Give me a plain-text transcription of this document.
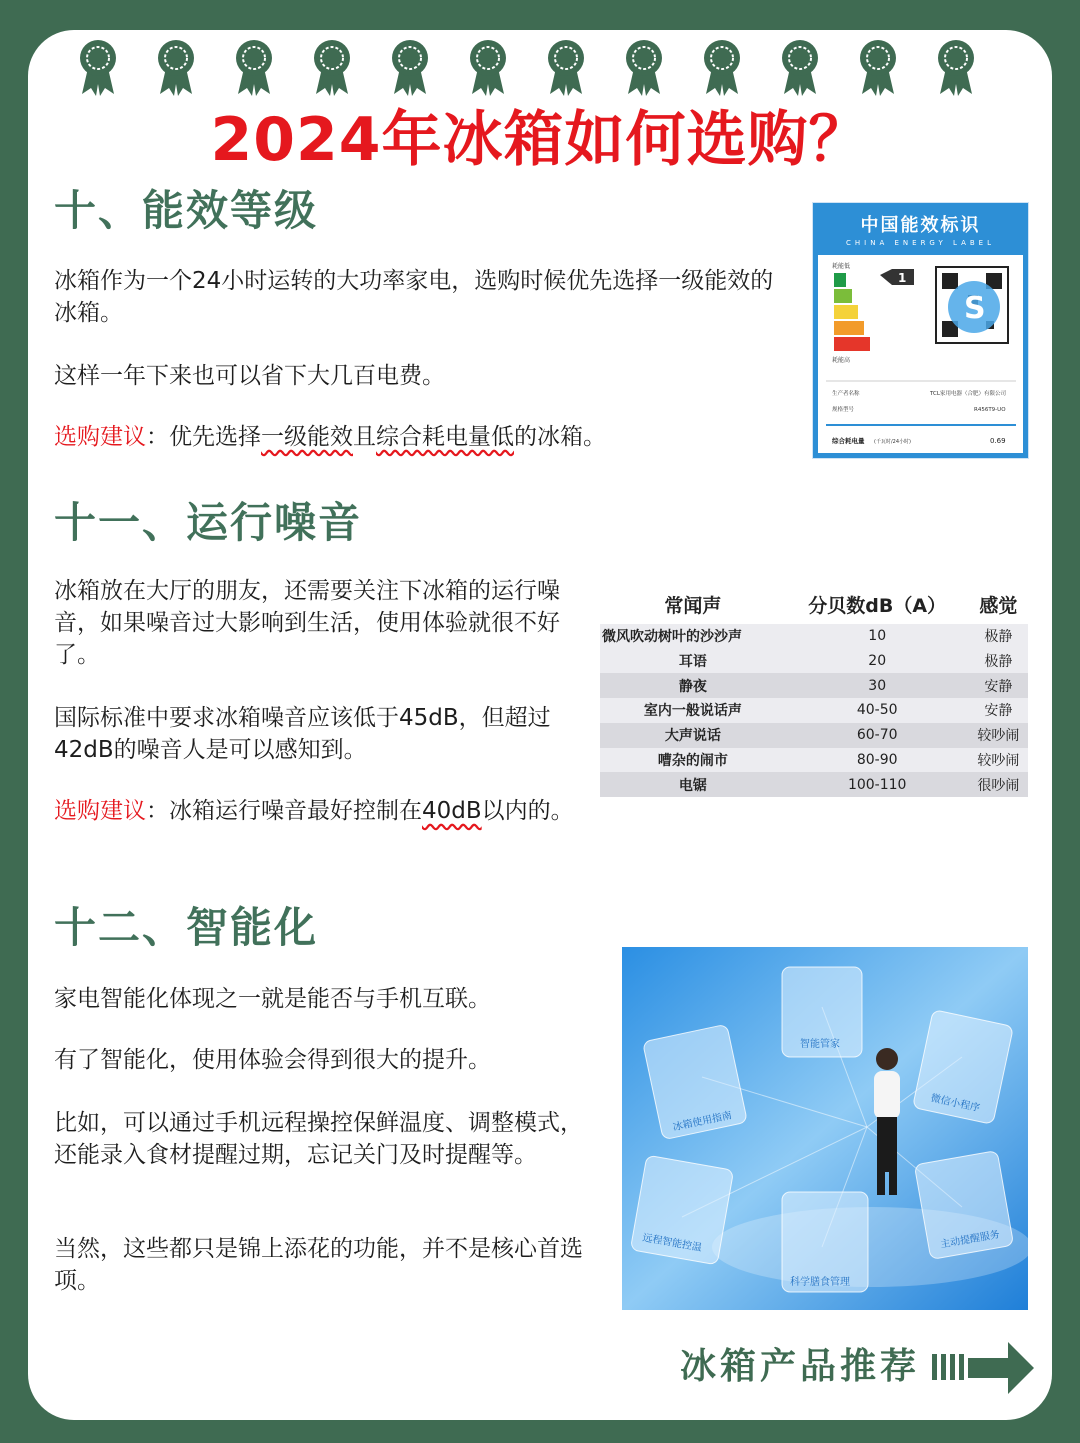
2024年冰箱如何选购？
十、能效等级
冰箱作为一个24小时运转的大功率家电，选购时候优先选择一级能效的冰箱。
这样一年下来也可以省下大几百电费。
选购建议：优先选择一级能效且综合耗电量低的冰箱。
中国能效标识
CHINA ENERGY LABEL
耗能低
耗能高
1
S
生产者名称	TCL家用电器（合肥）有限公司
规格型号	R456T9-UO
综合耗电量 (千瓦时/24小时)	0.69
十一、运行噪音
冰箱放在大厅的朋友，还需要关注下冰箱的运行噪音，如果噪音过大影响到生活，使用体验就很不好了。
国际标准中要求冰箱噪音应该低于45dB，但超过42dB的噪音人是可以感知到。
选购建议：冰箱运行噪音最好控制在40dB以内的。
常闻声	分贝数dB（A）	感觉
微风吹动树叶的沙沙声	10	极静
耳语	20	极静
静夜	30	安静
室内一般说话声	40-50	安静
大声说话	60-70	较吵闹
嘈杂的闹市	80-90	较吵闹
电锯	100-110	很吵闹
十二、智能化
家电智能化体现之一就是能否与手机互联。
有了智能化，使用体验会得到很大的提升。
比如，可以通过手机远程操控保鲜温度、调整模式，还能录入食材提醒过期，忘记关门及时提醒等。
当然，这些都只是锦上添花的功能，并不是核心首选项。
智能管家
冰箱使用指南
微信小程序
远程智能控温
科学膳食管理
主动提醒服务
冰箱产品推荐
